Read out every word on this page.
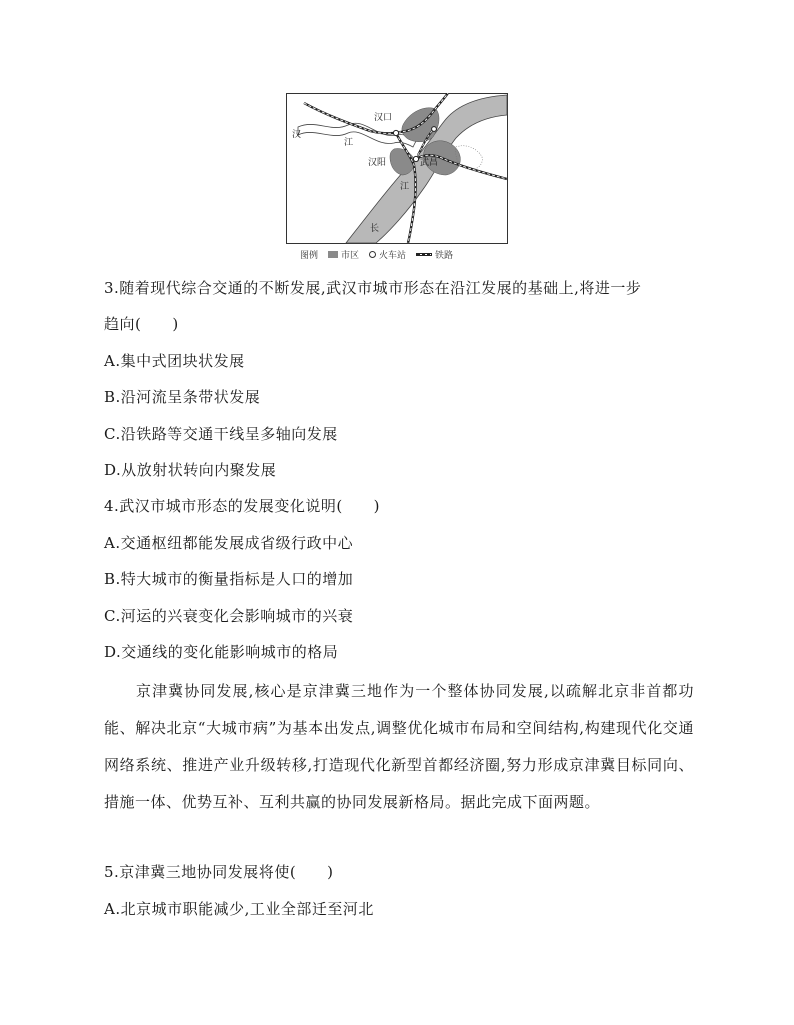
汉口
汉
江
汉阳	武昌
江
长
图例	市区 火车站	铁路
3.随着现代综合交通的不断发展,武汉市城市形态在沿江发展的基础上,将进一步
趋向(　　)
A.集中式团块状发展
B.沿河流呈条带状发展
C.沿铁路等交通干线呈多轴向发展
D.从放射状转向内聚发展
4.武汉市城市形态的发展变化说明(　　)
A.交通枢纽都能发展成省级行政中心
B.特大城市的衡量指标是人口的增加
C.河运的兴衰变化会影响城市的兴衰
D.交通线的变化能影响城市的格局
京津冀协同发展,核心是京津冀三地作为一个整体协同发展,以疏解北京非首都功能、解决北京“大城市病”为基本出发点,调整优化城市布局和空间结构,构建现代化交通网络系统、推进产业升级转移,打造现代化新型首都经济圈,努力形成京津冀目标同向、措施一体、优势互补、互利共赢的协同发展新格局。据此完成下面两题。
5.京津冀三地协同发展将使(　　)
A.北京城市职能减少,工业全部迁至河北
